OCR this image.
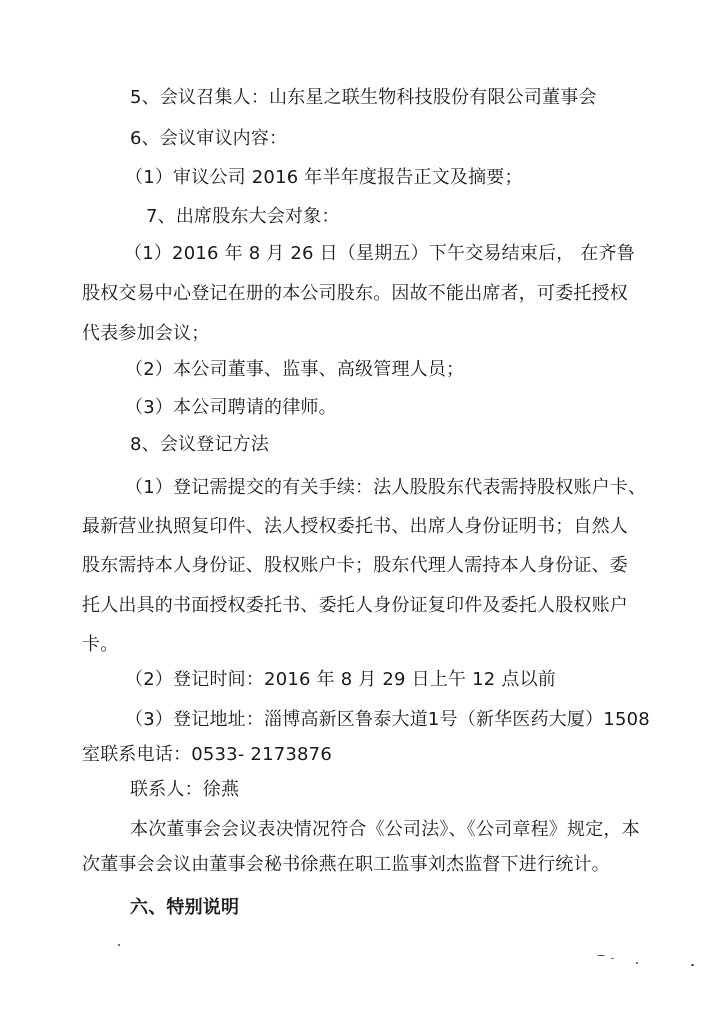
5、会议召集人：山东星之联生物科技股份有限公司董事会
6、会议审议内容：
（1）审议公司 2016 年半年度报告正文及摘要；
7、出席股东大会对象：
（1）2016 年 8 月 26 日（星期五）下午交易结束后， 在齐鲁
股权交易中心登记在册的本公司股东。因故不能出席者，可委托授权
代表参加会议；
（2）本公司董事、监事、高级管理人员；
（3）本公司聘请的律师。
8、会议登记方法
（1）登记需提交的有关手续：法人股股东代表需持股权账户卡、
最新营业执照复印件、法人授权委托书、出席人身份证明书；自然人
股东需持本人身份证、股权账户卡；股东代理人需持本人身份证、委
托人出具的书面授权委托书、委托人身份证复印件及委托人股权账户
卡。
（2）登记时间：2016 年 8 月 29 日上午 12 点以前
（3）登记地址：淄博高新区鲁泰大道1号（新华医药大厦）1508
室联系电话：0533- 2173876
联系人：徐燕
本次董事会会议表决情况符合《公司法》、《公司章程》规定，本
次董事会会议由董事会秘书徐燕在职工监事刘杰监督下进行统计。
六、特别说明
